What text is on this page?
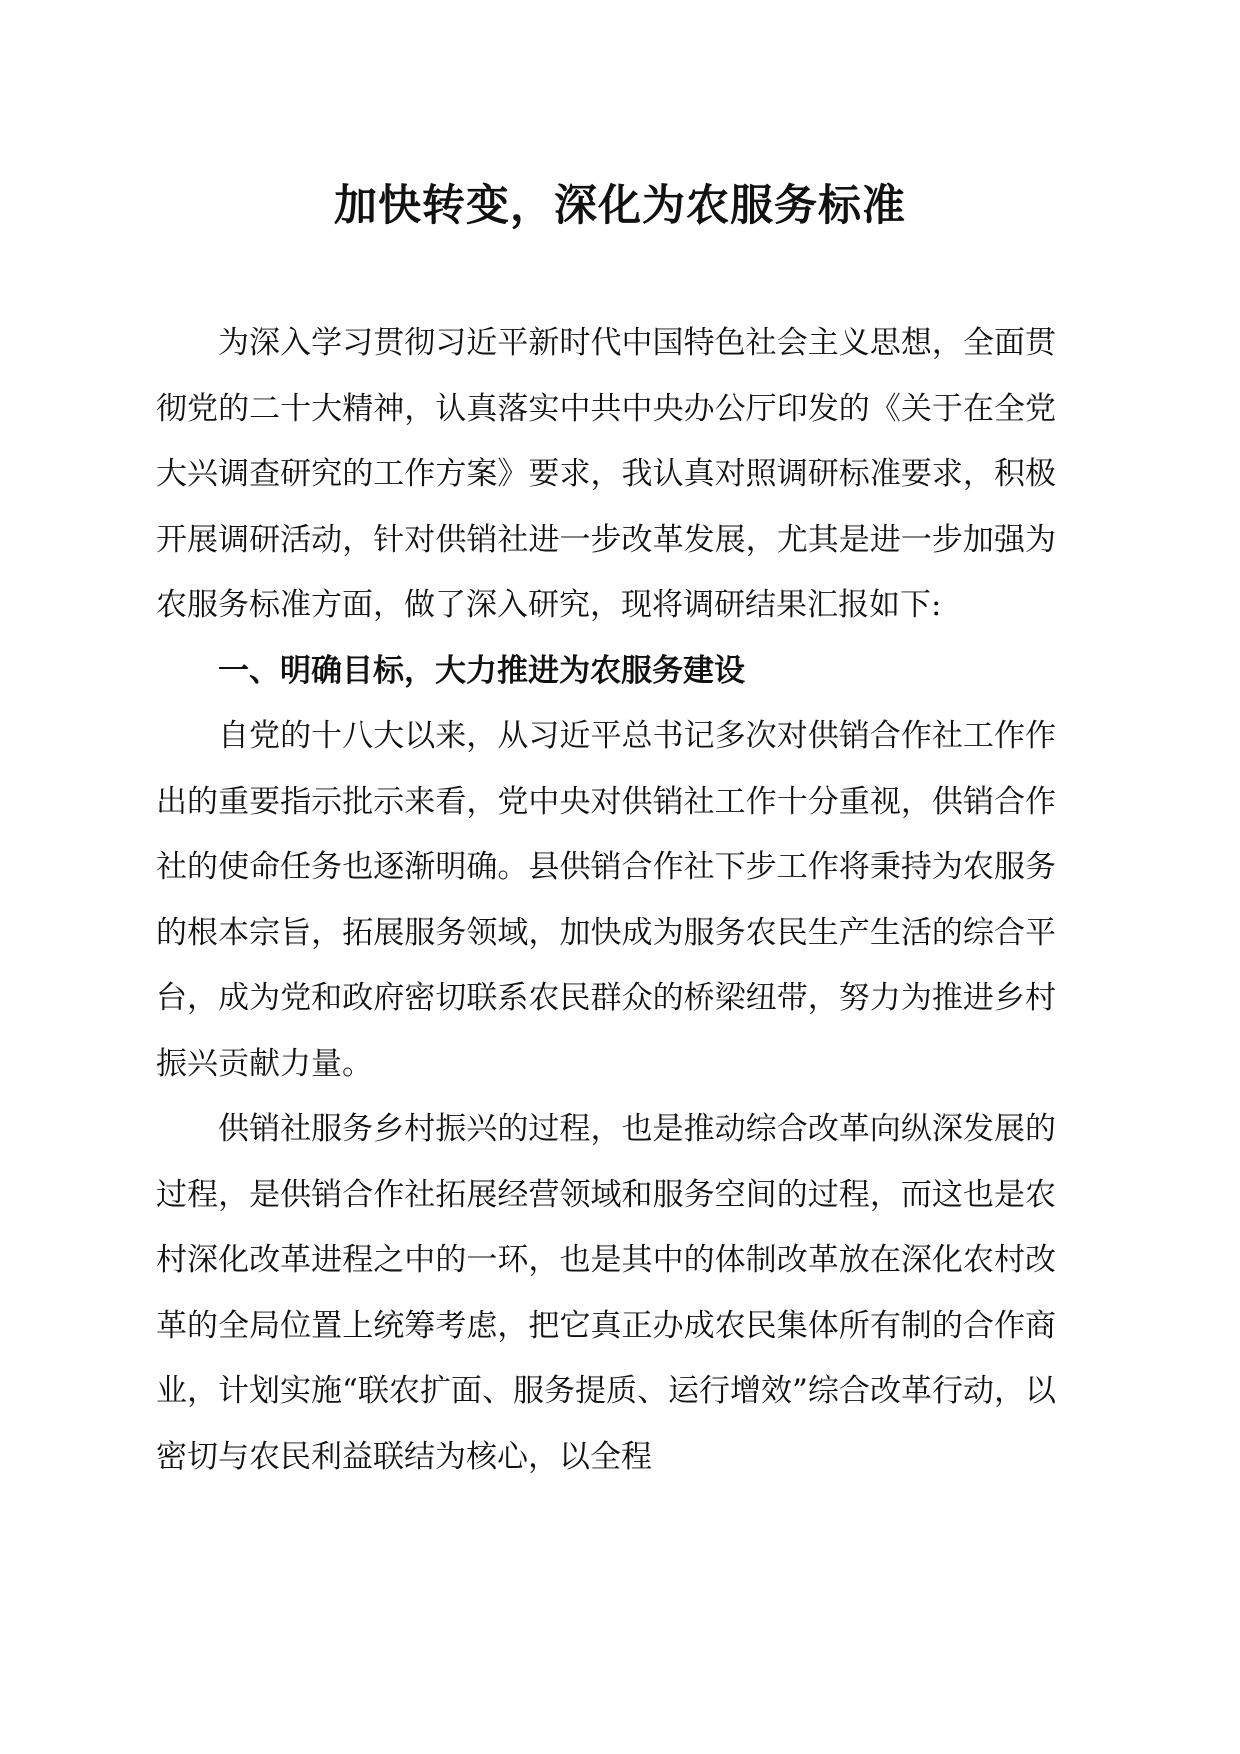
加快转变，深化为农服务标准

为深入学习贯彻习近平新时代中国特色社会主义思想，全面贯彻党的二十大精神，认真落实中共中央办公厅印发的《关于在全党大兴调查研究的工作方案》要求，我认真对照调研标准要求，积极开展调研活动，针对供销社进一步改革发展，尤其是进一步加强为农服务标准方面，做了深入研究，现将调研结果汇报如下:

一、明确目标，大力推进为农服务建设

自党的十八大以来，从习近平总书记多次对供销合作社工作作出的重要指示批示来看，党中央对供销社工作十分重视，供销合作社的使命任务也逐渐明确。县供销合作社下步工作将秉持为农服务的根本宗旨，拓展服务领域，加快成为服务农民生产生活的综合平台，成为党和政府密切联系农民群众的桥梁纽带，努力为推进乡村振兴贡献力量。

供销社服务乡村振兴的过程，也是推动综合改革向纵深发展的过程，是供销合作社拓展经营领域和服务空间的过程，而这也是农村深化改革进程之中的一环，也是其中的体制改革放在深化农村改革的全局位置上统筹考虑，把它真正办成农民集体所有制的合作商业，计划实施“联农扩面、服务提质、运行增效”综合改革行动，以密切与农民利益联结为核心，以全程
